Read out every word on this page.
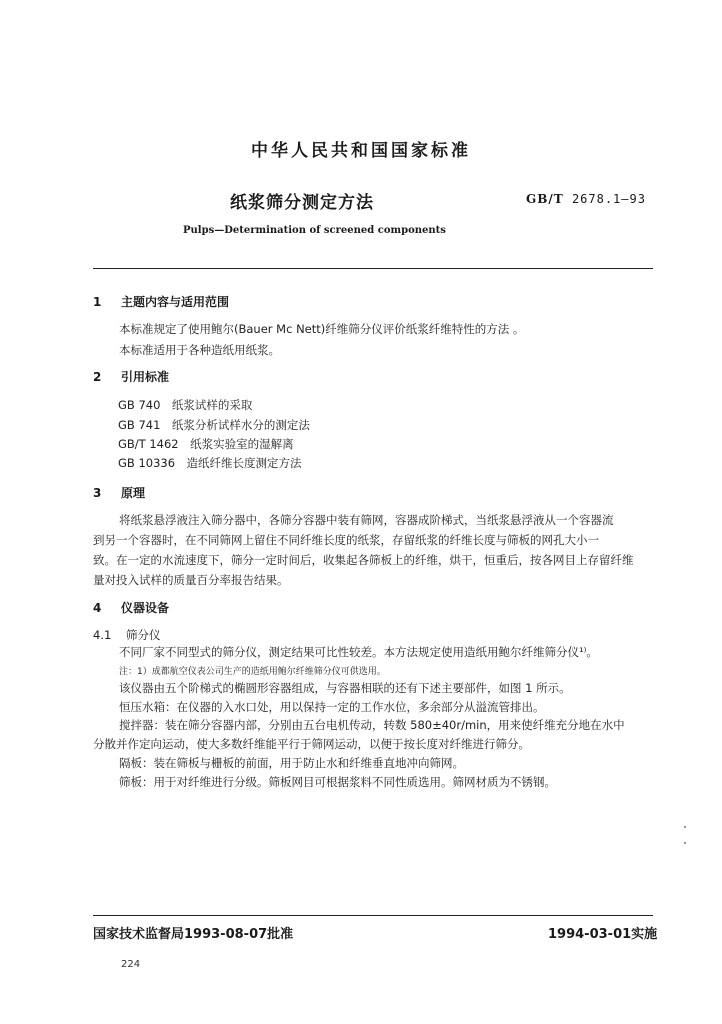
中华人民共和国国家标准
纸浆筛分测定方法	GB/T 2678.1—93
Pulps—Determination of screened components
1 主题内容与适用范围
本标准规定了使用鲍尔(Bauer Mc Nett)纤维筛分仪评价纸浆纤维特性的方法 。
本标准适用于各种造纸用纸浆。
2 引用标准
GB 740　纸浆试样的采取
GB 741　纸浆分析试样水分的测定法
GB/T 1462　纸浆实验室的湿解离
GB 10336　造纸纤维长度测定方法
3 原理
将纸浆悬浮液注入筛分器中，各筛分容器中装有筛网，容器成阶梯式，当纸浆悬浮液从一个容器流
到另一个容器时，在不同筛网上留住不同纤维长度的纸浆，存留纸浆的纤维长度与筛板的网孔大小一
致。在一定的水流速度下，筛分一定时间后，收集起各筛板上的纤维，烘干，恒重后，按各网目上存留纤维
量对投入试样的质量百分率报告结果。
4 仪器设备
4.1 筛分仪
不同厂家不同型式的筛分仪，测定结果可比性较差。本方法规定使用造纸用鲍尔纤维筛分仪¹⁾。
注：1）成都航空仪表公司生产的造纸用鲍尔纤维筛分仪可供选用。
该仪器由五个阶梯式的椭圆形容器组成，与容器相联的还有下述主要部件，如图 1 所示。
恒压水箱：在仪器的入水口处，用以保持一定的工作水位，多余部分从溢流管排出。
搅拌器：装在筛分容器内部，分别由五台电机传动，转数 580±40r/min，用来使纤维充分地在水中
分散并作定向运动，使大多数纤维能平行于筛网运动，以便于按长度对纤维进行筛分。
隔板：装在筛板与栅板的前面，用于防止水和纤维垂直地冲向筛网。
筛板：用于对纤维进行分级。筛板网目可根据浆料不同性质选用。筛网材质为不锈钢。
国家技术监督局1993-08-07批准	1994-03-01实施
224
